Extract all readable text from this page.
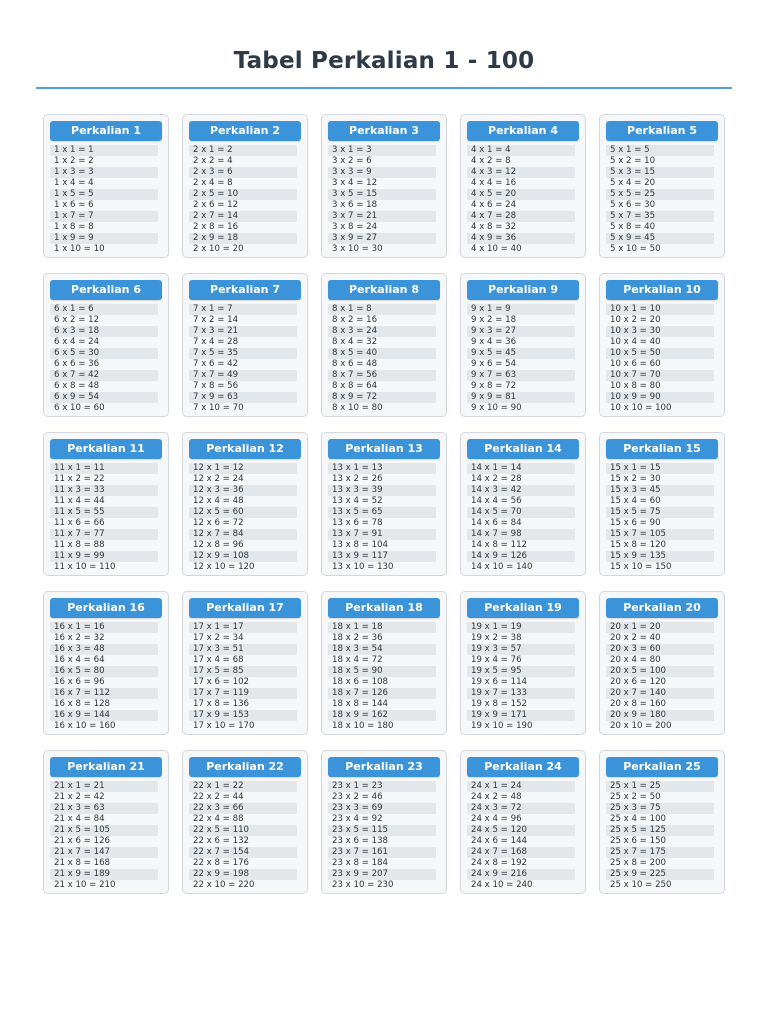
Tabel Perkalian 1 - 100
Perkalian 1
1 x 1 = 1
1 x 2 = 2
1 x 3 = 3
1 x 4 = 4
1 x 5 = 5
1 x 6 = 6
1 x 7 = 7
1 x 8 = 8
1 x 9 = 9
1 x 10 = 10
Perkalian 2
2 x 1 = 2
2 x 2 = 4
2 x 3 = 6
2 x 4 = 8
2 x 5 = 10
2 x 6 = 12
2 x 7 = 14
2 x 8 = 16
2 x 9 = 18
2 x 10 = 20
Perkalian 3
3 x 1 = 3
3 x 2 = 6
3 x 3 = 9
3 x 4 = 12
3 x 5 = 15
3 x 6 = 18
3 x 7 = 21
3 x 8 = 24
3 x 9 = 27
3 x 10 = 30
Perkalian 4
4 x 1 = 4
4 x 2 = 8
4 x 3 = 12
4 x 4 = 16
4 x 5 = 20
4 x 6 = 24
4 x 7 = 28
4 x 8 = 32
4 x 9 = 36
4 x 10 = 40
Perkalian 5
5 x 1 = 5
5 x 2 = 10
5 x 3 = 15
5 x 4 = 20
5 x 5 = 25
5 x 6 = 30
5 x 7 = 35
5 x 8 = 40
5 x 9 = 45
5 x 10 = 50
Perkalian 6
6 x 1 = 6
6 x 2 = 12
6 x 3 = 18
6 x 4 = 24
6 x 5 = 30
6 x 6 = 36
6 x 7 = 42
6 x 8 = 48
6 x 9 = 54
6 x 10 = 60
Perkalian 7
7 x 1 = 7
7 x 2 = 14
7 x 3 = 21
7 x 4 = 28
7 x 5 = 35
7 x 6 = 42
7 x 7 = 49
7 x 8 = 56
7 x 9 = 63
7 x 10 = 70
Perkalian 8
8 x 1 = 8
8 x 2 = 16
8 x 3 = 24
8 x 4 = 32
8 x 5 = 40
8 x 6 = 48
8 x 7 = 56
8 x 8 = 64
8 x 9 = 72
8 x 10 = 80
Perkalian 9
9 x 1 = 9
9 x 2 = 18
9 x 3 = 27
9 x 4 = 36
9 x 5 = 45
9 x 6 = 54
9 x 7 = 63
9 x 8 = 72
9 x 9 = 81
9 x 10 = 90
Perkalian 10
10 x 1 = 10
10 x 2 = 20
10 x 3 = 30
10 x 4 = 40
10 x 5 = 50
10 x 6 = 60
10 x 7 = 70
10 x 8 = 80
10 x 9 = 90
10 x 10 = 100
Perkalian 11
11 x 1 = 11
11 x 2 = 22
11 x 3 = 33
11 x 4 = 44
11 x 5 = 55
11 x 6 = 66
11 x 7 = 77
11 x 8 = 88
11 x 9 = 99
11 x 10 = 110
Perkalian 12
12 x 1 = 12
12 x 2 = 24
12 x 3 = 36
12 x 4 = 48
12 x 5 = 60
12 x 6 = 72
12 x 7 = 84
12 x 8 = 96
12 x 9 = 108
12 x 10 = 120
Perkalian 13
13 x 1 = 13
13 x 2 = 26
13 x 3 = 39
13 x 4 = 52
13 x 5 = 65
13 x 6 = 78
13 x 7 = 91
13 x 8 = 104
13 x 9 = 117
13 x 10 = 130
Perkalian 14
14 x 1 = 14
14 x 2 = 28
14 x 3 = 42
14 x 4 = 56
14 x 5 = 70
14 x 6 = 84
14 x 7 = 98
14 x 8 = 112
14 x 9 = 126
14 x 10 = 140
Perkalian 15
15 x 1 = 15
15 x 2 = 30
15 x 3 = 45
15 x 4 = 60
15 x 5 = 75
15 x 6 = 90
15 x 7 = 105
15 x 8 = 120
15 x 9 = 135
15 x 10 = 150
Perkalian 16
16 x 1 = 16
16 x 2 = 32
16 x 3 = 48
16 x 4 = 64
16 x 5 = 80
16 x 6 = 96
16 x 7 = 112
16 x 8 = 128
16 x 9 = 144
16 x 10 = 160
Perkalian 17
17 x 1 = 17
17 x 2 = 34
17 x 3 = 51
17 x 4 = 68
17 x 5 = 85
17 x 6 = 102
17 x 7 = 119
17 x 8 = 136
17 x 9 = 153
17 x 10 = 170
Perkalian 18
18 x 1 = 18
18 x 2 = 36
18 x 3 = 54
18 x 4 = 72
18 x 5 = 90
18 x 6 = 108
18 x 7 = 126
18 x 8 = 144
18 x 9 = 162
18 x 10 = 180
Perkalian 19
19 x 1 = 19
19 x 2 = 38
19 x 3 = 57
19 x 4 = 76
19 x 5 = 95
19 x 6 = 114
19 x 7 = 133
19 x 8 = 152
19 x 9 = 171
19 x 10 = 190
Perkalian 20
20 x 1 = 20
20 x 2 = 40
20 x 3 = 60
20 x 4 = 80
20 x 5 = 100
20 x 6 = 120
20 x 7 = 140
20 x 8 = 160
20 x 9 = 180
20 x 10 = 200
Perkalian 21
21 x 1 = 21
21 x 2 = 42
21 x 3 = 63
21 x 4 = 84
21 x 5 = 105
21 x 6 = 126
21 x 7 = 147
21 x 8 = 168
21 x 9 = 189
21 x 10 = 210
Perkalian 22
22 x 1 = 22
22 x 2 = 44
22 x 3 = 66
22 x 4 = 88
22 x 5 = 110
22 x 6 = 132
22 x 7 = 154
22 x 8 = 176
22 x 9 = 198
22 x 10 = 220
Perkalian 23
23 x 1 = 23
23 x 2 = 46
23 x 3 = 69
23 x 4 = 92
23 x 5 = 115
23 x 6 = 138
23 x 7 = 161
23 x 8 = 184
23 x 9 = 207
23 x 10 = 230
Perkalian 24
24 x 1 = 24
24 x 2 = 48
24 x 3 = 72
24 x 4 = 96
24 x 5 = 120
24 x 6 = 144
24 x 7 = 168
24 x 8 = 192
24 x 9 = 216
24 x 10 = 240
Perkalian 25
25 x 1 = 25
25 x 2 = 50
25 x 3 = 75
25 x 4 = 100
25 x 5 = 125
25 x 6 = 150
25 x 7 = 175
25 x 8 = 200
25 x 9 = 225
25 x 10 = 250
